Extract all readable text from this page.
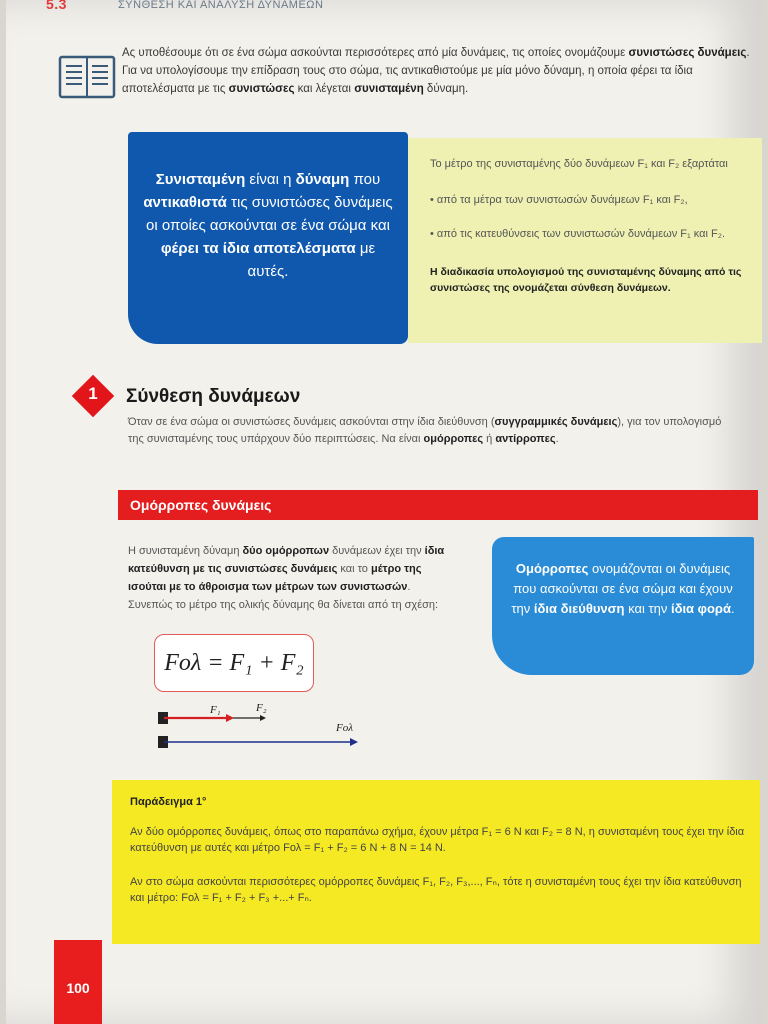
5.3	ΣΥΝΘΕΣΗ ΚΑΙ ΑΝΑΛΥΣΗ ΔΥΝΑΜΕΩΝ
Ας υποθέσουμε ότι σε ένα σώμα ασκούνται περισσότερες από μία δυνάμεις, τις οποίες ονομάζουμε συνιστώσες δυνάμεις. Για να υπολογίσουμε την επίδραση τους στο σώμα, τις αντικαθιστούμε με μία μόνο δύναμη, η οποία φέρει τα ίδια αποτελέσματα με τις συνιστώσες και λέγεται συνισταμένη δύναμη.
Συνισταμένη είναι η δύναμη που αντικαθιστά τις συνιστώσες δυνάμεις οι οποίες ασκούνται σε ένα σώμα και φέρει τα ίδια αποτελέσματα με αυτές.
Το μέτρο της συνισταμένης δύο δυνάμεων F₁ και F₂ εξαρτάται
• από τα μέτρα των συνιστωσών δυνάμεων F₁ και F₂,
• από τις κατευθύνσεις των συνιστωσών δυνάμεων F₁ και F₂.
Η διαδικασία υπολογισμού της συνισταμένης δύναμης από τις συνιστώσες της ονομάζεται σύνθεση δυνάμεων.
1	Σύνθεση δυνάμεων
Όταν σε ένα σώμα οι συνιστώσες δυνάμεις ασκούνται στην ίδια διεύθυνση (συγγραμμικές δυνάμεις), για τον υπολογισμό της συνισταμένης τους υπάρχουν δύο περιπτώσεις. Να είναι ομόρροπες ή αντίρροπες.
Ομόρροπες δυνάμεις
Η συνισταμένη δύναμη δύο ομόρροπων δυνάμεων έχει την ίδια κατεύθυνση με τις συνιστώσες δυνάμεις και το μέτρο της ισούται με το άθροισμα των μέτρων των συνιστωσών. Συνεπώς το μέτρο της ολικής δύναμης θα δίνεται από τη σχέση:
Fολ = F₁ + F₂
Ομόρροπες ονομάζονται οι δυνάμεις που ασκούνται σε ένα σώμα και έχουν την ίδια διεύθυνση και την ίδια φορά.
F₁	F₂
Fολ
Παράδειγμα 1°
Αν δύο ομόρροπες δυνάμεις, όπως στο παραπάνω σχήμα, έχουν μέτρα F₁ = 6 N και F₂ = 8 N, η συνισταμένη τους έχει την ίδια κατεύθυνση με αυτές και μέτρο Fολ = F₁ + F₂ = 6 N + 8 N = 14 N.
Αν στο σώμα ασκούνται περισσότερες ομόρροπες δυνάμεις F₁, F₂, F₃,..., Fₙ, τότε η συνισταμένη τους έχει την ίδια κατεύθυνση και μέτρο: Fολ = F₁ + F₂ + F₃ +...+ Fₙ.
100
